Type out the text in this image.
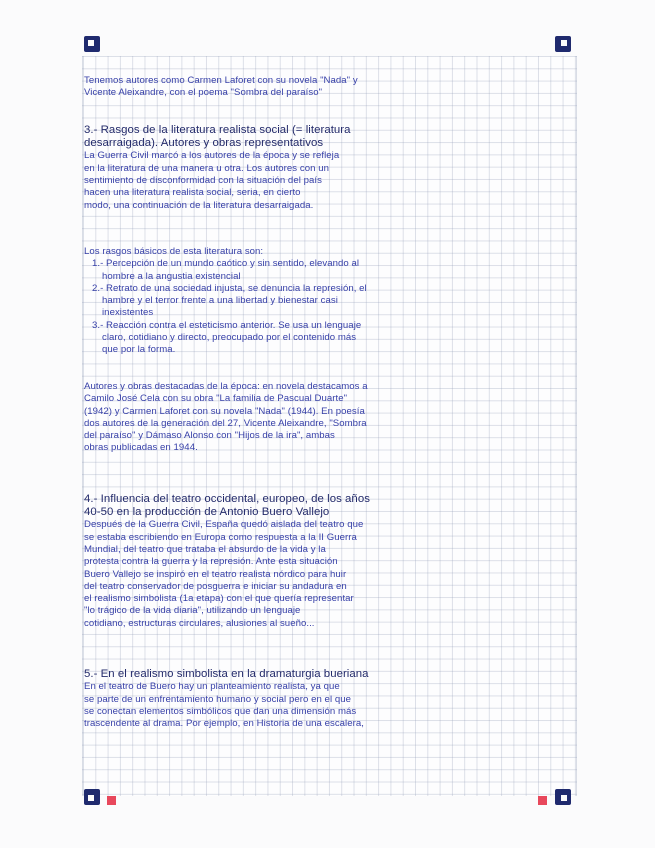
Tenemos autores como Carmen Laforet con su novela "Nada" y

Vicente Aleixandre, con el poema "Sombra del paraíso"

3.- Rasgos de la literatura realista social (= literatura

desarraigada). Autores y obras representativos

La Guerra Civil marcó a los autores de la época y se refleja

en la literatura de una manera u otra. Los autores con un

sentimiento de disconformidad con la situación del país

hacen una literatura realista social, seria, en cierto

modo, una continuación de la literatura desarraigada.

Los rasgos básicos de esta literatura son:

1.- Percepción de un mundo caótico y sin sentido, elevando al

hombre a la angustia existencial

2.- Retrato de una sociedad injusta, se denuncia la represión, el

hambre y el terror frente a una libertad y bienestar casi

inexistentes

3.- Reacción contra el esteticismo anterior. Se usa un lenguaje

claro, cotidiano y directo, preocupado por el contenido más

que por la forma.

Autores y obras destacadas de la época: en novela destacamos a

Camilo José Cela con su obra "La familia de Pascual Duarte"

(1942) y Carmen Laforet con su novela "Nada" (1944). En poesía

dos autores de la generación del 27, Vicente Aleixandre, "Sombra

del paraíso" y Dámaso Alonso con "Hijos de la ira", ambas

obras publicadas en 1944.

4.- Influencia del teatro occidental, europeo, de los años

40-50 en la producción de Antonio Buero Vallejo

Después de la Guerra Civil, España quedó aislada del teatro que

se estaba escribiendo en Europa como respuesta a la II Guerra

Mundial, del teatro que trataba el absurdo de la vida y la

protesta contra la guerra y la represión. Ante esta situación

Buero Vallejo se inspiró en el teatro realista nórdico para huir

del teatro conservador de posguerra e iniciar su andadura en

el realismo simbolista (1a etapa) con el que quería representar

"lo trágico de la vida diaria", utilizando un lenguaje

cotidiano, estructuras circulares, alusiones al sueño...

5.- En el realismo simbolista en la dramaturgia bueriana

En el teatro de Buero hay un planteamiento realista, ya que

se parte de un enfrentamiento humano y social pero en el que

se conectan elementos simbólicos que dan una dimensión más

trascendente al drama. Por ejemplo, en Historia de una escalera,
